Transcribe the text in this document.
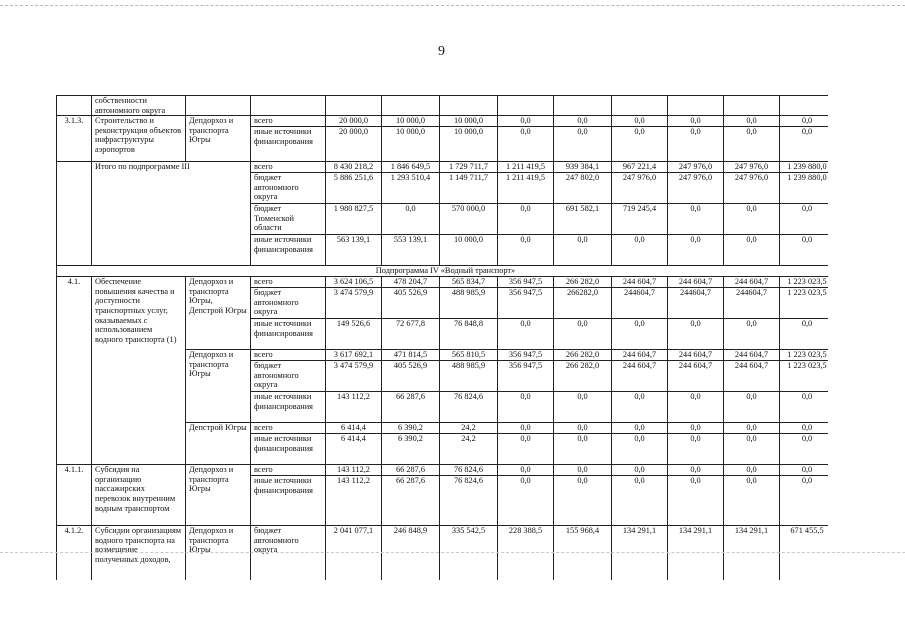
9
	собственности автономного округа											
3.1.3.	Строительство и реконструкция объектов инфраструктуры аэропортов	Депдорхоз и транспорта Югры	всего	20 000,0	10 000,0	10 000,0	0,0	0,0	0,0	0,0	0,0	0,0
			иные источники финансирования	20 000,0	10 000,0	10 000,0	0,0	0,0	0,0	0,0	0,0	0,0
	Итого по подпрограмме III		всего	8 430 218,2	1 846 649,5	1 729 711,7	1 211 419,5	939 384,1	967 221,4	247 976,0	247 976,0	1 239 880,0
			бюджет автономного округа	5 886 251,6	1 293 510,4	1 149 711,7	1 211 419,5	247 802,0	247 976,0	247 976,0	247 976,0	1 239 880,0
			бюджет Тюменской области	1 980 827,5	0,0	570 000,0	0,0	691 582,1	719 245,4	0,0	0,0	0,0
			иные источники финансирования	563 139,1	553 139,1	10 000,0	0,0	0,0	0,0	0,0	0,0	0,0
Подпрограмма IV «Водный транспорт»												
4.1.	Обеспечение повышения качества и доступности транспортных услуг, оказываемых с использованием водного транспорта (1)	Депдорхоз и транспорта Югры, Депстрой Югры	всего	3 624 106,5	478 204,7	565 834,7	356 947,5	266 282,0	244 604,7	244 604,7	244 604,7	1 223 023,5
			бюджет автономного округа	3 474 579,9	405 526,9	488 985,9	356 947,5	266282,0	244604,7	244604,7	244604,7	1 223 023,5
			иные источники финансирования	149 526,6	72 677,8	76 848,8	0,0	0,0	0,0	0,0	0,0	0,0
		Депдорхоз и транспорта Югры	всего	3 617 692,1	471 814,5	565 810,5	356 947,5	266 282,0	244 604,7	244 604,7	244 604,7	1 223 023,5
			бюджет автономного округа	3 474 579,9	405 526,9	488 985,9	356 947,5	266 282,0	244 604,7	244 604,7	244 604,7	1 223 023,5
			иные источники финансирования	143 112,2	66 287,6	76 824,6	0,0	0,0	0,0	0,0	0,0	0,0
		Депстрой Югры	всего	6 414,4	6 390,2	24,2	0,0	0,0	0,0	0,0	0,0	0,0
			иные источники финансирования	6 414,4	6 390,2	24,2	0,0	0,0	0,0	0,0	0,0	0,0
4.1.1.	Субсидия на организацию пассажирских перевозок внутренним водным транспортом	Депдорхоз и транспорта Югры	всего	143 112,2	66 287,6	76 824,6	0,0	0,0	0,0	0,0	0,0	0,0
			иные источники финансирования	143 112,2	66 287,6	76 824,6	0,0	0,0	0,0	0,0	0,0	0,0
4.1.2.	Субсидии организациям водного транспорта на возмещение полученных доходов,	Депдорхоз и транспорта Югры	бюджет автономного округа	2 041 077,1	246 848,9	335 542,5	228 388,5	155 968,4	134 291,1	134 291,1	134 291,1	671 455,5
